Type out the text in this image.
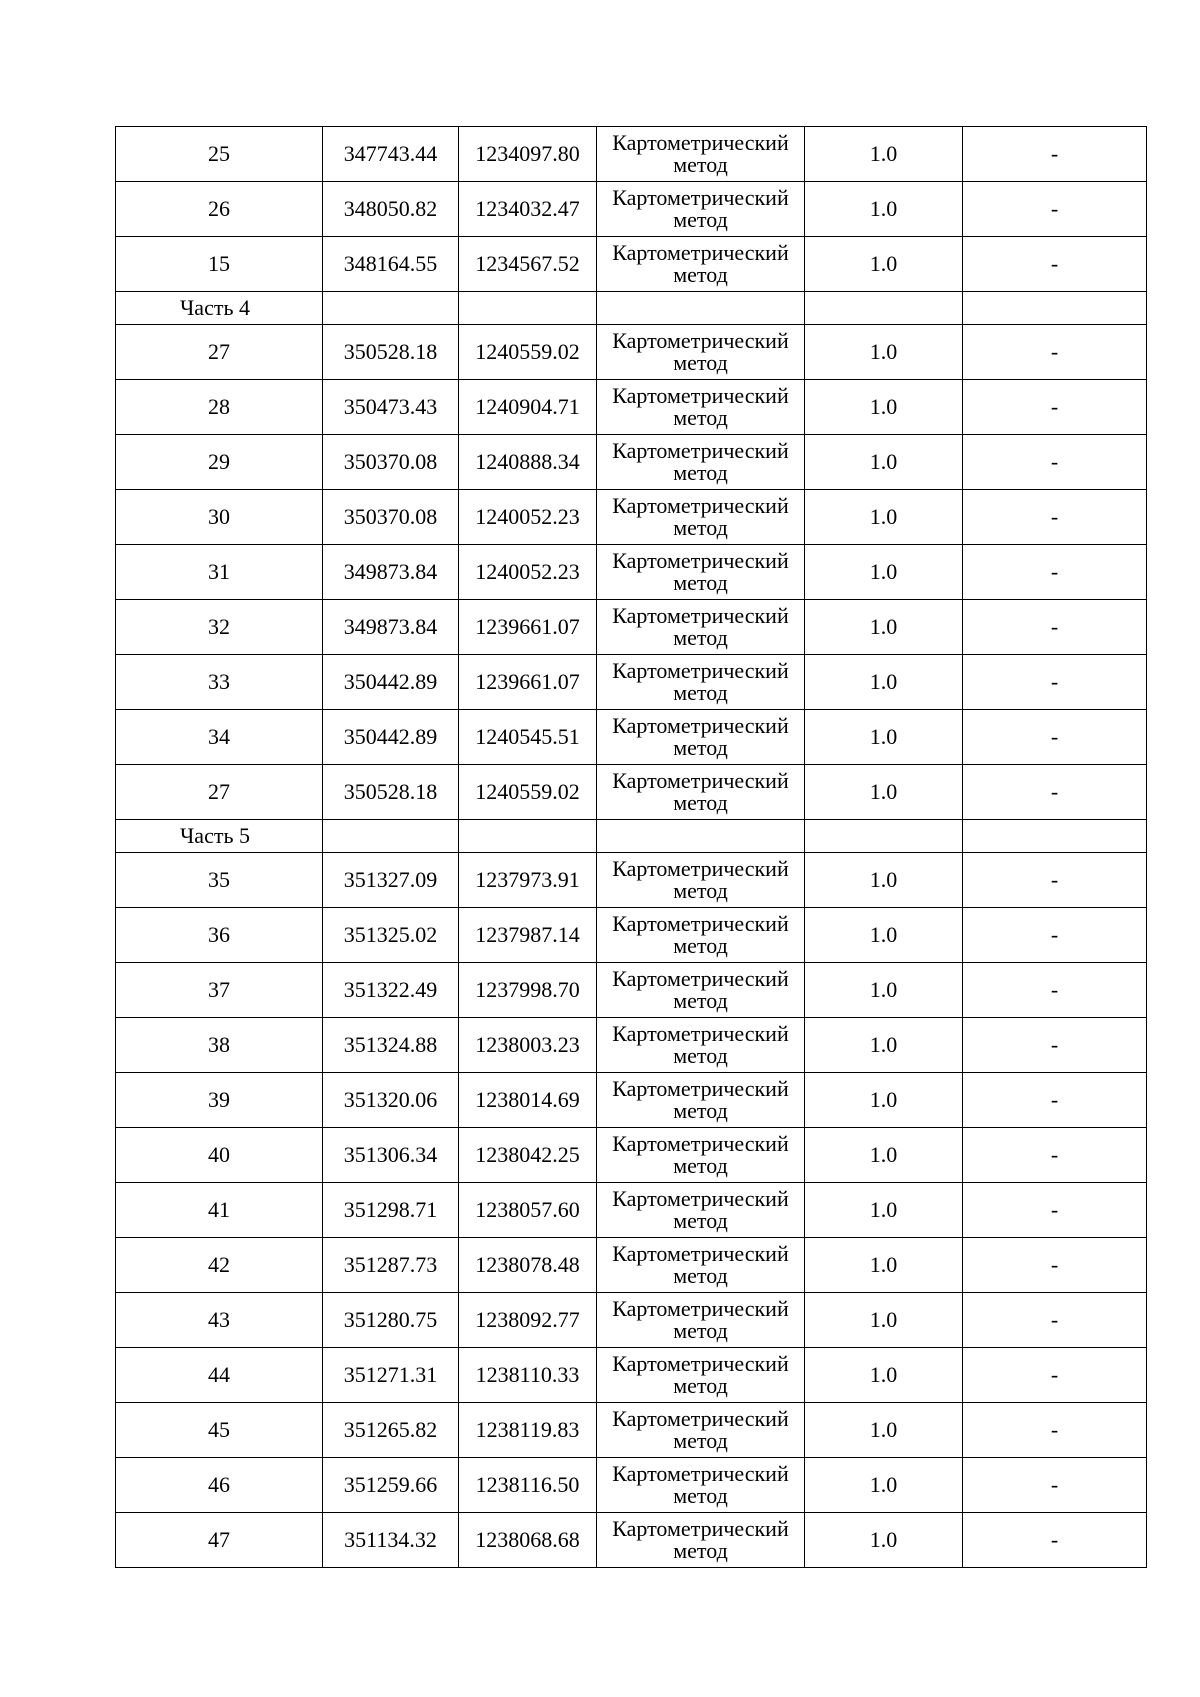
25	347743.44	1234097.80	Картометрический
метод	1.0	-
26	348050.82	1234032.47	Картометрический
метод	1.0	-
15	348164.55	1234567.52	Картометрический
метод	1.0	-
Часть 4					
27	350528.18	1240559.02	Картометрический
метод	1.0	-
28	350473.43	1240904.71	Картометрический
метод	1.0	-
29	350370.08	1240888.34	Картометрический
метод	1.0	-
30	350370.08	1240052.23	Картометрический
метод	1.0	-
31	349873.84	1240052.23	Картометрический
метод	1.0	-
32	349873.84	1239661.07	Картометрический
метод	1.0	-
33	350442.89	1239661.07	Картометрический
метод	1.0	-
34	350442.89	1240545.51	Картометрический
метод	1.0	-
27	350528.18	1240559.02	Картометрический
метод	1.0	-
Часть 5					
35	351327.09	1237973.91	Картометрический
метод	1.0	-
36	351325.02	1237987.14	Картометрический
метод	1.0	-
37	351322.49	1237998.70	Картометрический
метод	1.0	-
38	351324.88	1238003.23	Картометрический
метод	1.0	-
39	351320.06	1238014.69	Картометрический
метод	1.0	-
40	351306.34	1238042.25	Картометрический
метод	1.0	-
41	351298.71	1238057.60	Картометрический
метод	1.0	-
42	351287.73	1238078.48	Картометрический
метод	1.0	-
43	351280.75	1238092.77	Картометрический
метод	1.0	-
44	351271.31	1238110.33	Картометрический
метод	1.0	-
45	351265.82	1238119.83	Картометрический
метод	1.0	-
46	351259.66	1238116.50	Картометрический
метод	1.0	-
47	351134.32	1238068.68	Картометрический
метод	1.0	-
